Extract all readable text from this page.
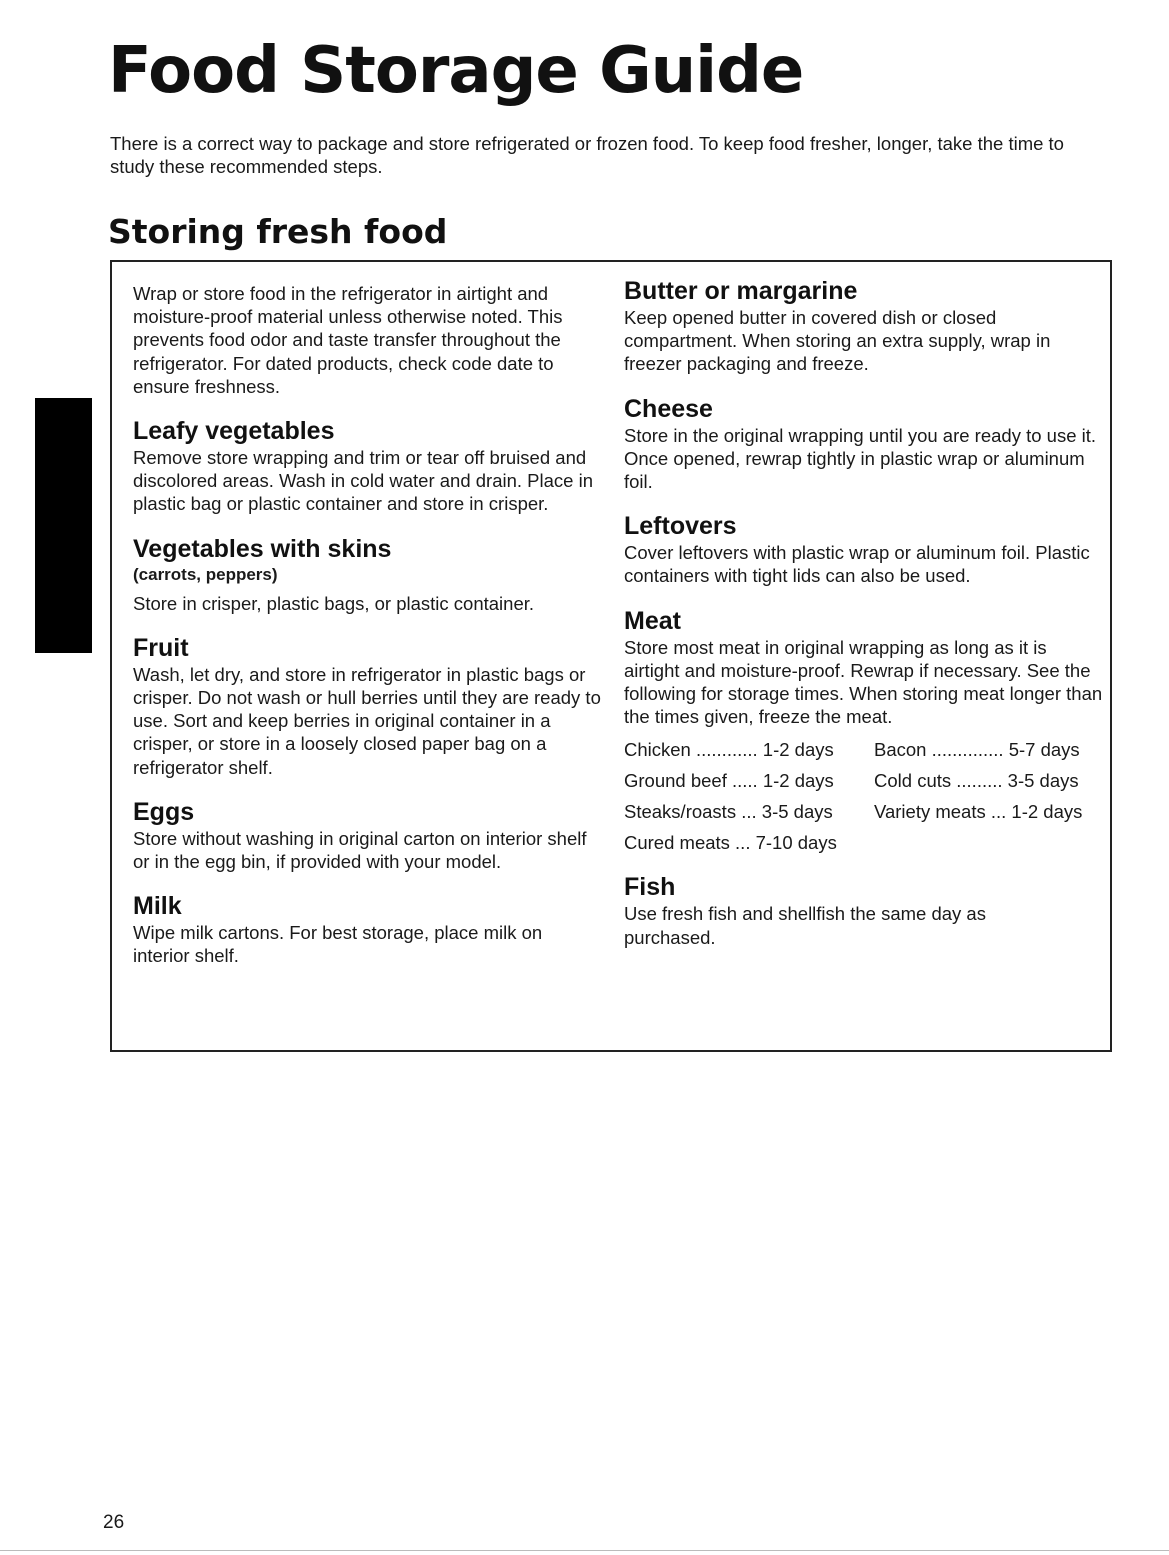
Food Storage Guide

There is a correct way to package and store refrigerated or frozen food. To keep food fresher, longer, take the time to study these recommended steps.

Storing fresh food

Wrap or store food in the refrigerator in airtight and moisture-proof material unless otherwise noted. This prevents food odor and taste transfer throughout the refrigerator. For dated products, check code date to ensure freshness.

Leafy vegetables

Remove store wrapping and trim or tear off bruised and discolored areas. Wash in cold water and drain. Place in plastic bag or plastic container and store in crisper.

Vegetables with skins

(carrots, peppers)

Store in crisper, plastic bags, or plastic container.

Fruit

Wash, let dry, and store in refrigerator in plastic bags or crisper. Do not wash or hull berries until they are ready to use. Sort and keep berries in original container in a crisper, or store in a loosely closed paper bag on a refrigerator shelf.

Eggs

Store without washing in original carton on interior shelf or in the egg bin, if provided with your model.

Milk

Wipe milk cartons. For best storage, place milk on interior shelf.

Butter or margarine

Keep opened butter in covered dish or closed compartment. When storing an extra supply, wrap in freezer packaging and freeze.

Cheese

Store in the original wrapping until you are ready to use it. Once opened, rewrap tightly in plastic wrap or aluminum foil.

Leftovers

Cover leftovers with plastic wrap or aluminum foil. Plastic containers with tight lids can also be used.

Meat

Store most meat in original wrapping as long as it is airtight and moisture-proof. Rewrap if necessary. See the following for storage times. When storing meat longer than the times given, freeze the meat.

Chicken ............ 1-2 days	Bacon .............. 5-7 days
Ground beef ..... 1-2 days	Cold cuts ......... 3-5 days
Steaks/roasts ... 3-5 days	Variety meats ... 1-2 days
Cured meats ... 7-10 days	
Fish

Use fresh fish and shellfish the same day as purchased.

26
